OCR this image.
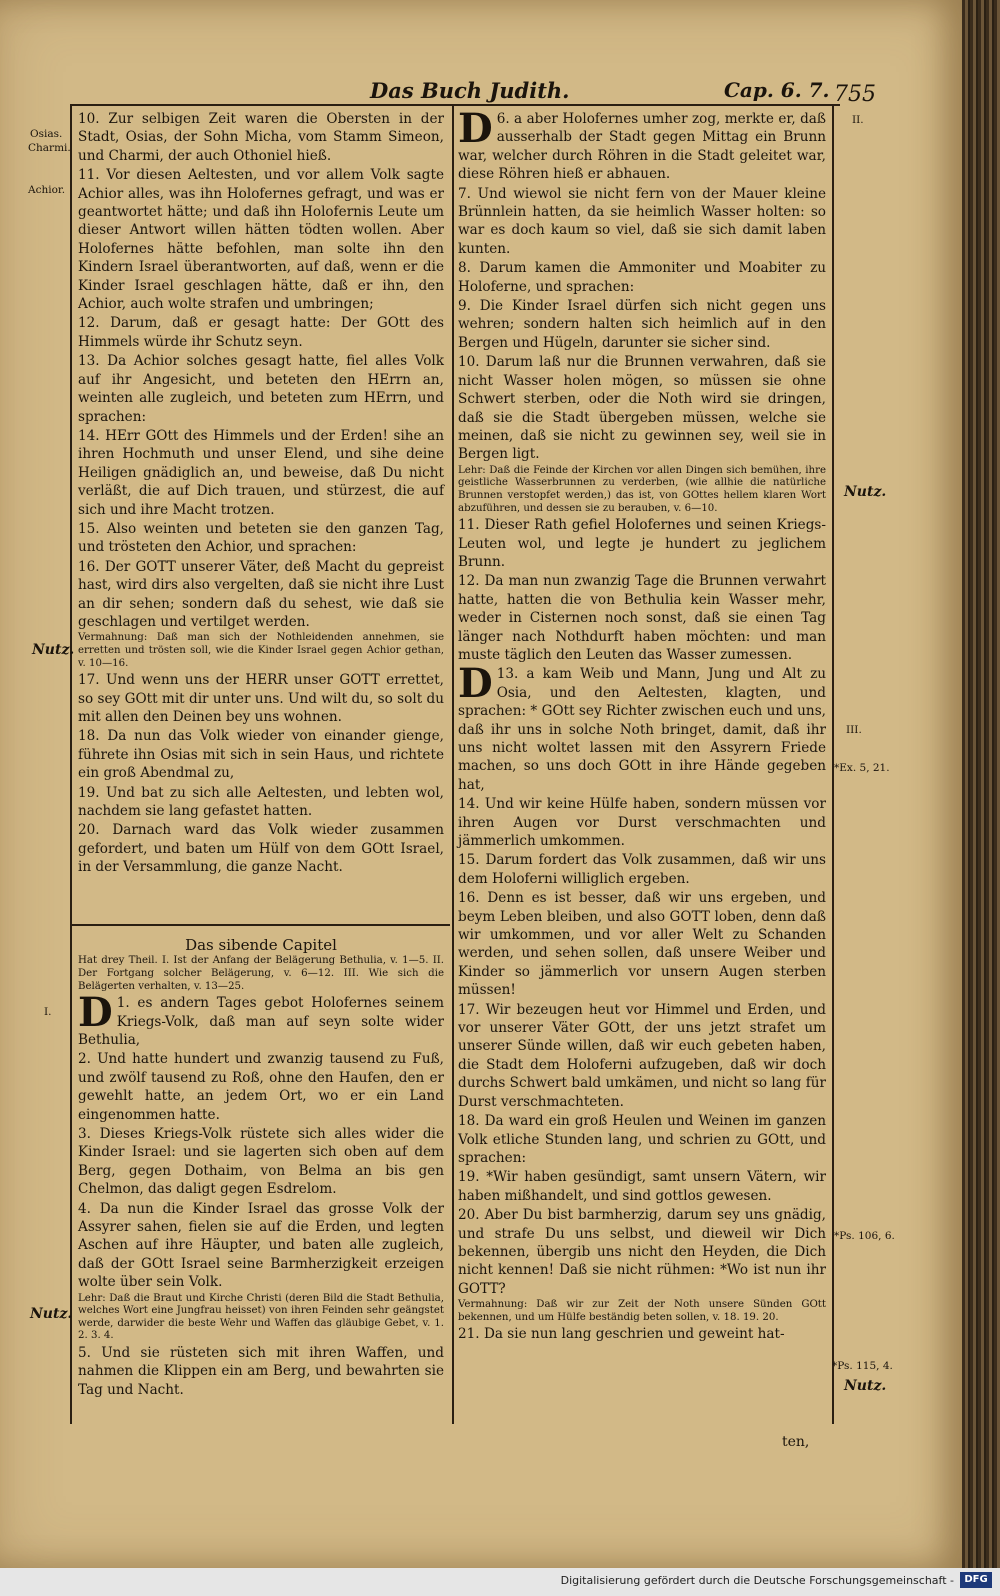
Das Buch Judith.	Cap. 6. 7. 755
Osias.
Charmi.
Achior.
Nutz.
I.
Nutz.
II.
Nutz.
III.
*Ex. 5, 21.
*Ps. 106, 6.
*Ps. 115, 4.
Nutz.

10. Zur selbigen Zeit waren die Obersten in der Stadt, Osias, der Sohn Micha, vom Stamm Simeon, und Charmi, der auch Othoniel hieß.

11. Vor diesen Aeltesten, und vor allem Volk sagte Achior alles, was ihn Holofernes gefragt, und was er geantwortet hätte; und daß ihn Holofernis Leute um dieser Antwort willen hätten tödten wollen. Aber Holofernes hätte befohlen, man solte ihn den Kindern Israel überantworten, auf daß, wenn er die Kinder Israel geschlagen hätte, daß er ihn, den Achior, auch wolte strafen und umbringen;

12. Darum, daß er gesagt hatte: Der GOtt des Himmels würde ihr Schutz seyn.

13. Da Achior solches gesagt hatte, fiel alles Volk auf ihr Angesicht, und beteten den HErrn an, weinten alle zugleich, und beteten zum HErrn, und sprachen:

14. HErr GOtt des Himmels und der Erden! sihe an ihren Hochmuth und unser Elend, und sihe deine Heiligen gnädiglich an, und beweise, daß Du nicht verläßt, die auf Dich trauen, und stürzest, die auf sich und ihre Macht trotzen.

15. Also weinten und beteten sie den ganzen Tag, und trösteten den Achior, und sprachen:

16. Der GOTT unserer Väter, deß Macht du gepreist hast, wird dirs also vergelten, daß sie nicht ihre Lust an dir sehen; sondern daß du sehest, wie daß sie geschlagen und vertilget werden.

Vermahnung: Daß man sich der Nothleidenden annehmen, sie erretten und trösten soll, wie die Kinder Israel gegen Achior gethan, v. 10—16.

17. Und wenn uns der HERR unser GOTT errettet, so sey GOtt mit dir unter uns. Und wilt du, so solt du mit allen den Deinen bey uns wohnen.

18. Da nun das Volk wieder von einander gienge, führete ihn Osias mit sich in sein Haus, und richtete ein groß Abendmal zu,

19. Und bat zu sich alle Aeltesten, und lebten wol, nachdem sie lang gefastet hatten.

20. Darnach ward das Volk wieder zusammen gefordert, und baten um Hülf von dem GOtt Israel, in der Versammlung, die ganze Nacht.

Das sibende Capitel

Hat drey Theil. I. Ist der Anfang der Belägerung Bethulia, v. 1—5. II. Der Fortgang solcher Belägerung, v. 6—12. III. Wie sich die Belägerten verhalten, v. 13—25.

D 1. es andern Tages gebot Holofernes seinem Kriegs-Volk, daß man auf seyn solte wider Bethulia,

2. Und hatte hundert und zwanzig tausend zu Fuß, und zwölf tausend zu Roß, ohne den Haufen, den er gewehlt hatte, an jedem Ort, wo er ein Land eingenommen hatte.

3. Dieses Kriegs-Volk rüstete sich alles wider die Kinder Israel: und sie lagerten sich oben auf dem Berg, gegen Dothaim, von Belma an bis gen Chelmon, das daligt gegen Esdrelom.

4. Da nun die Kinder Israel das grosse Volk der Assyrer sahen, fielen sie auf die Erden, und legten Aschen auf ihre Häupter, und baten alle zugleich, daß der GOtt Israel seine Barmherzigkeit erzeigen wolte über sein Volk.

Lehr: Daß die Braut und Kirche Christi (deren Bild die Stadt Bethulia, welches Wort eine Jungfrau heisset) von ihren Feinden sehr geängstet werde, darwider die beste Wehr und Waffen das gläubige Gebet, v. 1. 2. 3. 4.

5. Und sie rüsteten sich mit ihren Waffen, und nahmen die Klippen ein am Berg, und bewahrten sie Tag und Nacht.

D 6. a aber Holofernes umher zog, merkte er, daß ausserhalb der Stadt gegen Mittag ein Brunn war, welcher durch Röhren in die Stadt geleitet war, diese Röhren hieß er abhauen.

7. Und wiewol sie nicht fern von der Mauer kleine Brünnlein hatten, da sie heimlich Wasser holten: so war es doch kaum so viel, daß sie sich damit laben kunten.

8. Darum kamen die Ammoniter und Moabiter zu Holoferne, und sprachen:

9. Die Kinder Israel dürfen sich nicht gegen uns wehren; sondern halten sich heimlich auf in den Bergen und Hügeln, darunter sie sicher sind.

10. Darum laß nur die Brunnen verwahren, daß sie nicht Wasser holen mögen, so müssen sie ohne Schwert sterben, oder die Noth wird sie dringen, daß sie die Stadt übergeben müssen, welche sie meinen, daß sie nicht zu gewinnen sey, weil sie in Bergen ligt.

Lehr: Daß die Feinde der Kirchen vor allen Dingen sich bemühen, ihre geistliche Wasserbrunnen zu verderben, (wie allhie die natürliche Brunnen verstopfet werden,) das ist, von GOttes hellem klaren Wort abzuführen, und dessen sie zu berauben, v. 6—10.

11. Dieser Rath gefiel Holofernes und seinen Kriegs-Leuten wol, und legte je hundert zu jeglichem Brunn.

12. Da man nun zwanzig Tage die Brunnen verwahrt hatte, hatten die von Bethulia kein Wasser mehr, weder in Cisternen noch sonst, daß sie einen Tag länger nach Nothdurft haben möchten: und man muste täglich den Leuten das Wasser zumessen.

D 13. a kam Weib und Mann, Jung und Alt zu Osia, und den Aeltesten, klagten, und sprachen: * GOtt sey Richter zwischen euch und uns, daß ihr uns in solche Noth bringet, damit, daß ihr uns nicht woltet lassen mit den Assyrern Friede machen, so uns doch GOtt in ihre Hände gegeben hat,

14. Und wir keine Hülfe haben, sondern müssen vor ihren Augen vor Durst verschmachten und jämmerlich umkommen.

15. Darum fordert das Volk zusammen, daß wir uns dem Holoferni williglich ergeben.

16. Denn es ist besser, daß wir uns ergeben, und beym Leben bleiben, und also GOTT loben, denn daß wir umkommen, und vor aller Welt zu Schanden werden, und sehen sollen, daß unsere Weiber und Kinder so jämmerlich vor unsern Augen sterben müssen!

17. Wir bezeugen heut vor Himmel und Erden, und vor unserer Väter GOtt, der uns jetzt strafet um unserer Sünde willen, daß wir euch gebeten haben, die Stadt dem Holoferni aufzugeben, daß wir doch durchs Schwert bald umkämen, und nicht so lang für Durst verschmachteten.

18. Da ward ein groß Heulen und Weinen im ganzen Volk etliche Stunden lang, und schrien zu GOtt, und sprachen:

19. *Wir haben gesündigt, samt unsern Vätern, wir haben mißhandelt, und sind gottlos gewesen.

20. Aber Du bist barmherzig, darum sey uns gnädig, und strafe Du uns selbst, und dieweil wir Dich bekennen, übergib uns nicht den Heyden, die Dich nicht kennen! Daß sie nicht rühmen: *Wo ist nun ihr GOTT?

Vermahnung: Daß wir zur Zeit der Noth unsere Sünden GOtt bekennen, und um Hülfe beständig beten sollen, v. 18. 19. 20.

21. Da sie nun lang geschrien und geweint hat-

ten,
Digitalisierung gefördert durch die Deutsche Forschungsgemeinschaft -	DFG
